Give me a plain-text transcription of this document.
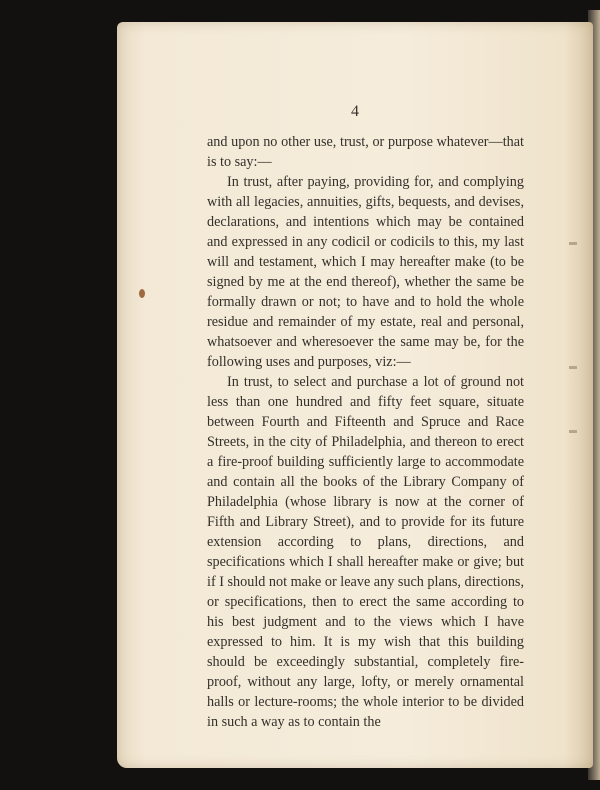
4

and upon no other use, trust, or purpose whatever—that is to say:—

In trust, after paying, providing for, and complying with all legacies, annuities, gifts, bequests, and devises, declarations, and intentions which may be contained and expressed in any codicil or codicils to this, my last will and testament, which I may hereafter make (to be signed by me at the end thereof), whether the same be formally drawn or not; to have and to hold the whole residue and remainder of my estate, real and personal, whatsoever and wheresoever the same may be, for the following uses and purposes, viz:—

In trust, to select and purchase a lot of ground not less than one hundred and fifty feet square, situate between Fourth and Fifteenth and Spruce and Race Streets, in the city of Philadelphia, and thereon to erect a fire-proof building sufficiently large to accommodate and contain all the books of the Library Company of Philadelphia (whose library is now at the corner of Fifth and Library Street), and to provide for its future extension according to plans, directions, and specifications which I shall hereafter make or give; but if I should not make or leave any such plans, directions, or specifications, then to erect the same according to his best judgment and to the views which I have expressed to him. It is my wish that this building should be exceedingly substantial, completely fire-proof, without any large, lofty, or merely ornamental halls or lecture-rooms; the whole interior to be divided in such a way as to contain the
